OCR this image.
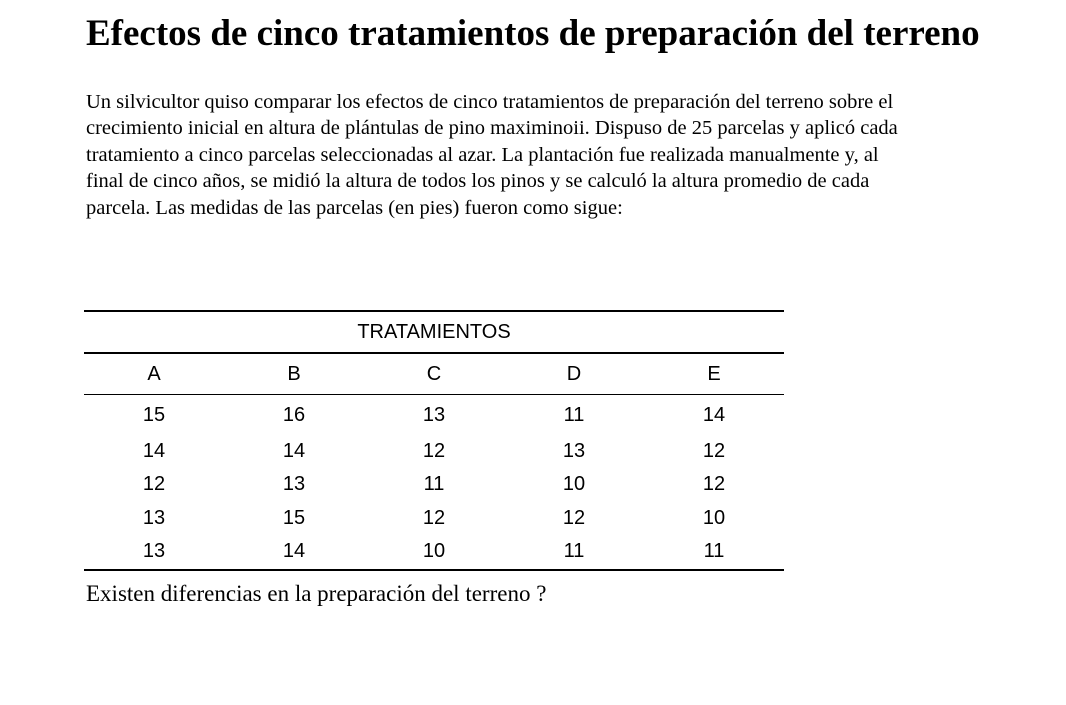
Efectos de cinco tratamientos de preparación del terreno

Un silvicultor quiso comparar los efectos de cinco tratamientos de preparación del terreno sobre el
crecimiento inicial en altura de plántulas de pino maximinoii. Dispuso de 25 parcelas y aplicó cada
tratamiento a cinco parcelas seleccionadas al azar. La plantación fue realizada manualmente y, al
final de cinco años, se midió la altura de todos los pinos y se calculó la altura promedio de cada
parcela. Las medidas de las parcelas (en pies) fueron como sigue:

TRATAMIENTOS				
A	B	C	D	E
15	16	13	11	14
14	14	12	13	12
12	13	11	10	12
13	15	12	12	10
13	14	10	11	11

Existen diferencias en la preparación del terreno ?
